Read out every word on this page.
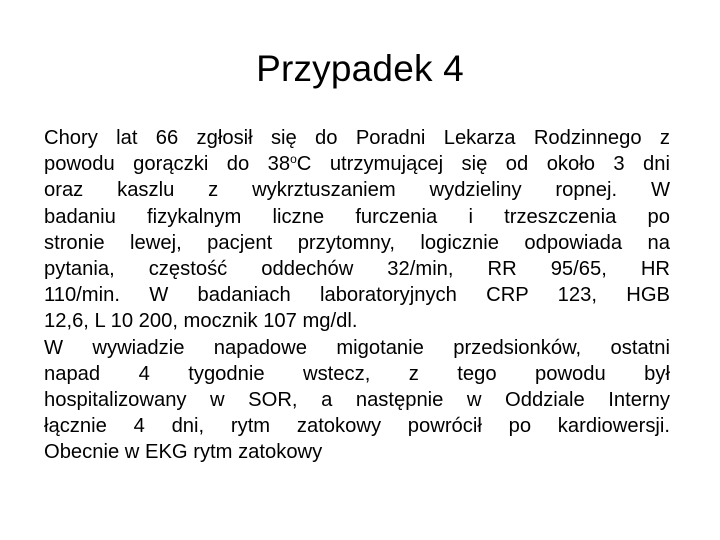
Przypadek 4
Chory lat 66 zgłosił się do Poradni Lekarza Rodzinnego z
powodu gorączki do 38$^o$C utrzymującej się od około 3 dni
oraz kaszlu z wykrztuszaniem wydzieliny ropnej. W
badaniu fizykalnym liczne furczenia i trzeszczenia po
stronie lewej, pacjent przytomny, logicznie odpowiada na
pytania, częstość oddechów 32/min, RR 95/65, HR
110/min. W badaniach laboratoryjnych CRP 123, HGB
12,6, L 10 200, mocznik 107 mg/dl.
W wywiadzie napadowe migotanie przedsionków, ostatni
napad 4 tygodnie wstecz, z tego powodu był
hospitalizowany w SOR, a następnie w Oddziale Interny
łącznie 4 dni, rytm zatokowy powrócił po kardiowersji.
Obecnie w EKG rytm zatokowy
